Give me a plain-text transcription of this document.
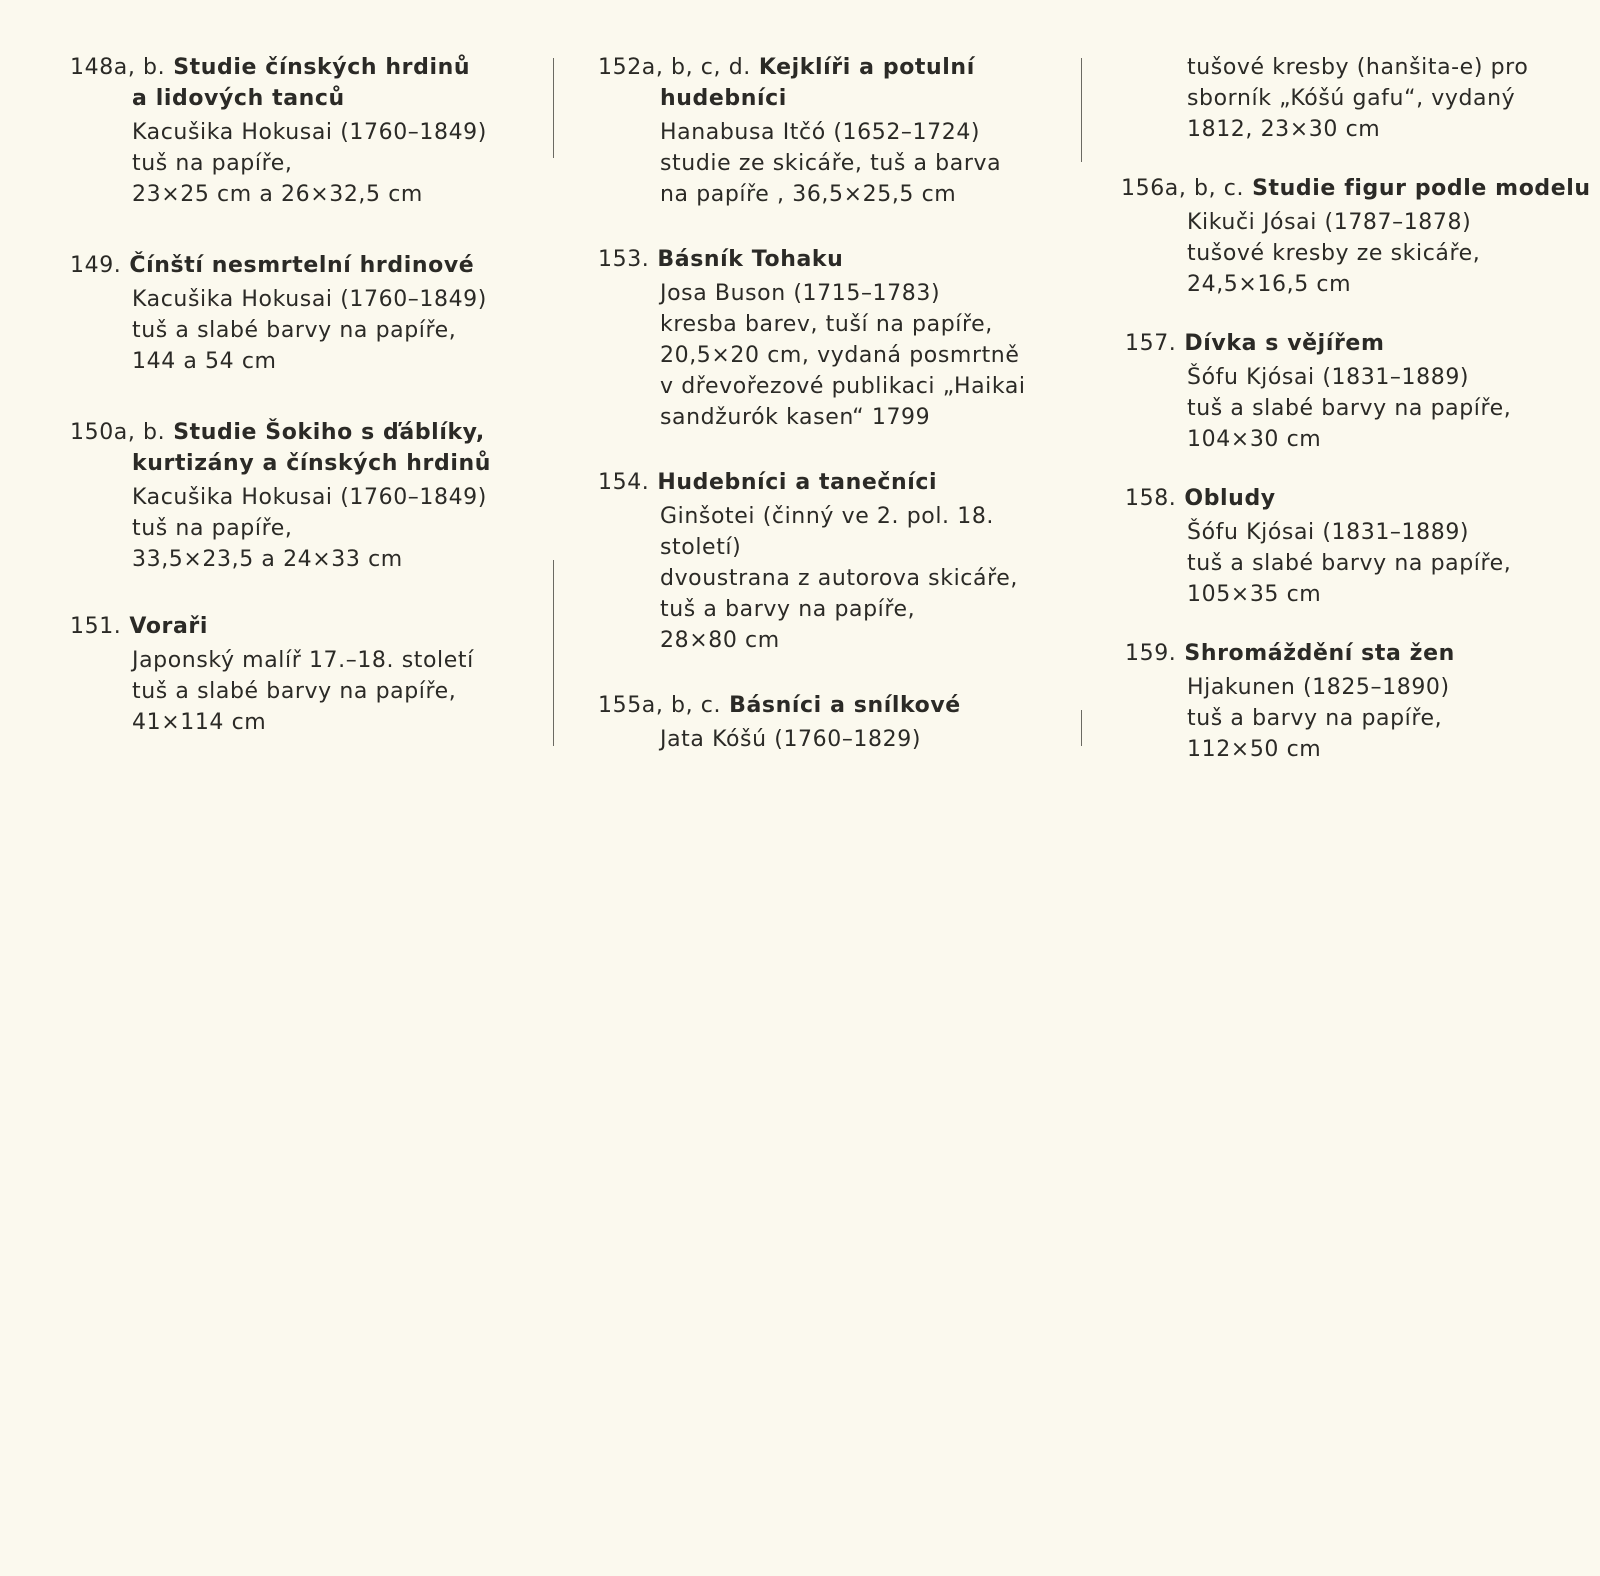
148a, b. Studie čínských hrdinů
a lidových tanců
Kacušika Hokusai (1760–1849)
tuš na papíře,
23×25 cm a 26×32,5 cm
149. Čínští nesmrtelní hrdinové
Kacušika Hokusai (1760–1849)
tuš a slabé barvy na papíře,
144 a 54 cm
150a, b. Studie Šokiho s ďáblíky,
kurtizány a čínských hrdinů
Kacušika Hokusai (1760–1849)
tuš na papíře,
33,5×23,5 a 24×33 cm
151. Voraři
Japonský malíř 17.–18. století
tuš a slabé barvy na papíře,
41×114 cm
152a, b, c, d. Kejklíři a potulní
hudebníci
Hanabusa Itčó (1652–1724)
studie ze skicáře, tuš a barva
na papíře , 36,5×25,5 cm
153. Básník Tohaku
Josa Buson (1715–1783)
kresba barev, tuší na papíře,
20,5×20 cm, vydaná posmrtně
v dřevořezové publikaci „Haikai
sandžurók kasen“ 1799
154. Hudebníci a tanečníci
Ginšotei (činný ve 2. pol. 18.
století)
dvoustrana z autorova skicáře,
tuš a barvy na papíře,
28×80 cm
155a, b, c. Básníci a snílkové
Jata Kóšú (1760–1829)
tušové kresby (hanšita-e) pro
sborník „Kóšú gafu“, vydaný
1812, 23×30 cm
156a, b, c. Studie figur podle modelu
Kikuči Jósai (1787–1878)
tušové kresby ze skicáře,
24,5×16,5 cm
157. Dívka s vějířem
Šófu Kjósai (1831–1889)
tuš a slabé barvy na papíře,
104×30 cm
158. Obludy
Šófu Kjósai (1831–1889)
tuš a slabé barvy na papíře,
105×35 cm
159. Shromáždění sta žen
Hjakunen (1825–1890)
tuš a barvy na papíře,
112×50 cm
